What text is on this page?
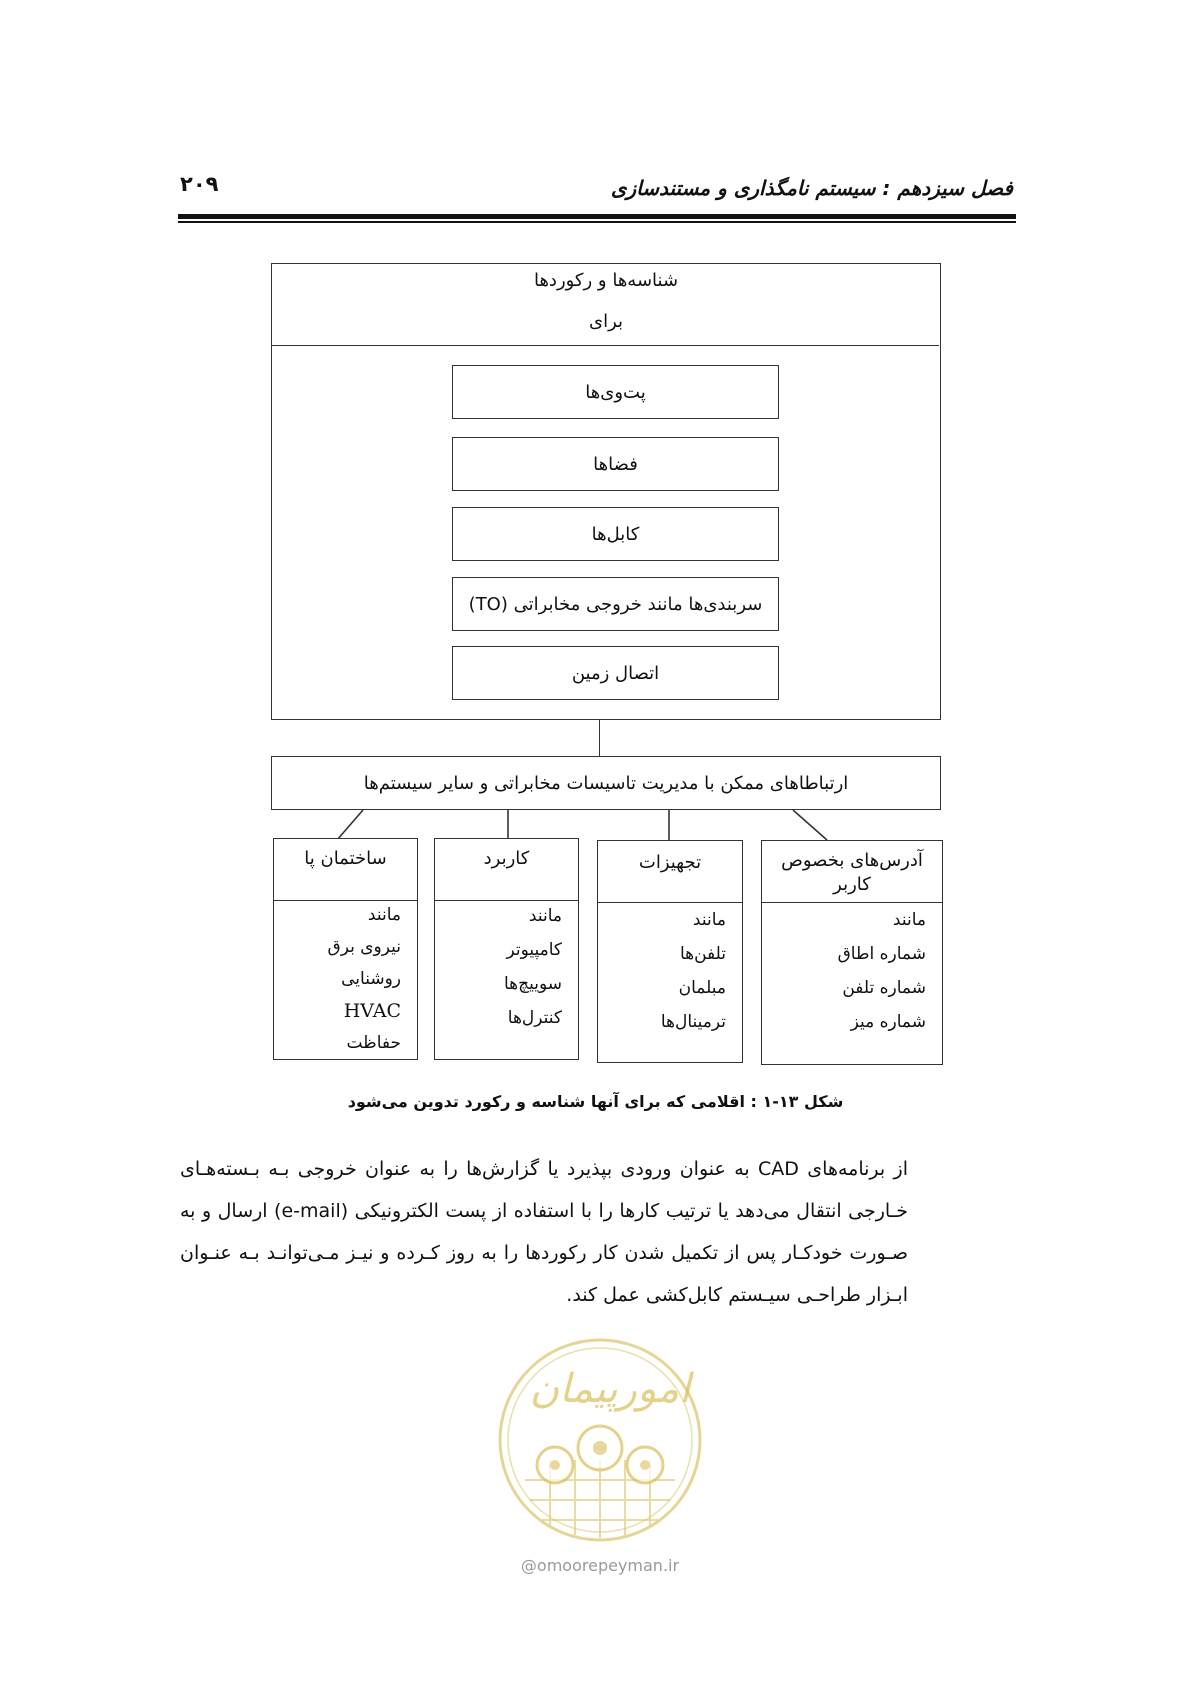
فصل سیزدهم : سیستم نامگذاری و مستندسازی
۲۰۹
شناسه‌ها و رکوردها
برای
پت‌وی‌ها
فضاها
کابل‌ها
سربندی‌ها مانند خروجی مخابراتی (TO)
اتصال زمین
ارتباطاهای ممکن با مدیریت تاسیسات مخابراتی و سایر سیستم‌ها
آدرس‌های بخصوص کاربر
مانند
شماره اطاق
شماره تلفن
شماره میز
تجهیزات
مانند
تلفن‌ها
مبلمان
ترمینال‌ها
کاربرد
مانند
کامپیوتر
سوییچ‌ها
کنترل‌ها
ساختمان پا
مانند
نیروی برق
روشنایی
HVAC
حفاظت
شکل ۱۳-۱ : اقلامی که برای آنها شناسه و رکورد تدوین می‌شود
از برنامه‌های CAD به عنوان ورودی بپذیرد یا گزارش‌ها را به عنوان خروجی بـه بـسته‌هـای خـارجی انتقال می‌دهد یا ترتیب کارها را با استفاده از پست الکترونیکی (e-mail) ارسال و به صـورت خودکـار پس از تکمیل شدن کار رکوردها را به روز کـرده و نیـز مـی‌توانـد بـه عنـوان ابـزار طراحـی سیـستم کابل‌کشی عمل کند.
امورپیمان
@omoorepeyman.ir
